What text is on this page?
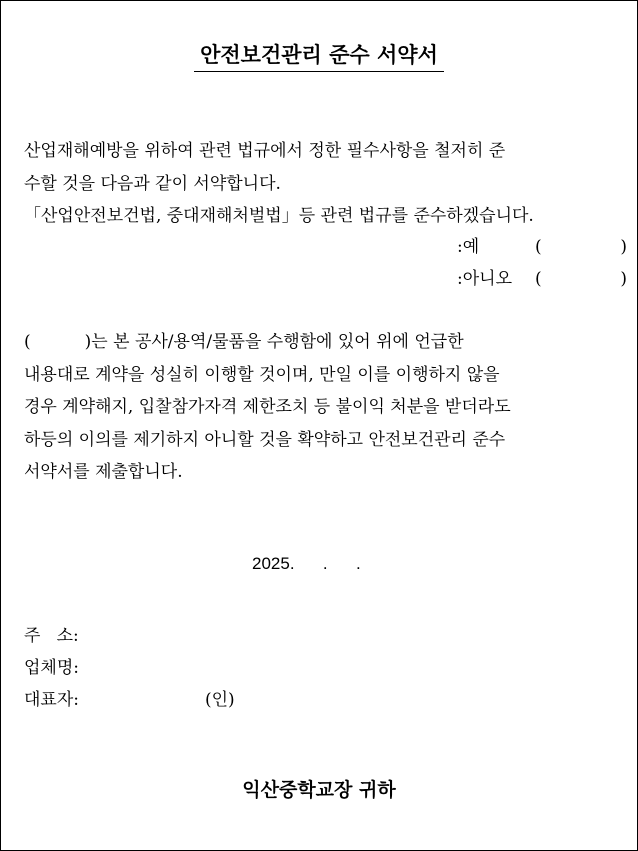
안전보건관리 준수 서약서
산업재해예방을 위하여 관련 법규에서 정한 필수사항을 철저히 준
수할 것을 다음과 같이 서약합니다.
「산업안전보건법, 중대재해처벌법」등 관련 법규를 준수하겠습니다.
:예	(	)
:아니오 (	)
(          )는 본 공사/용역/물품을 수행함에 있어 위에 언급한
내용대로 계약을 성실히 이행할 것이며, 만일 이를 이행하지 않을
경우 계약해지, 입찰참가자격 제한조치 등 불이익 처분을 받더라도
하등의 이의를 제기하지 아니할 것을 확약하고 안전보건관리 준수
서약서를 제출합니다.
2025.      .      .
주   소:
업체명:
대표자:	(인)
익산중학교장 귀하
